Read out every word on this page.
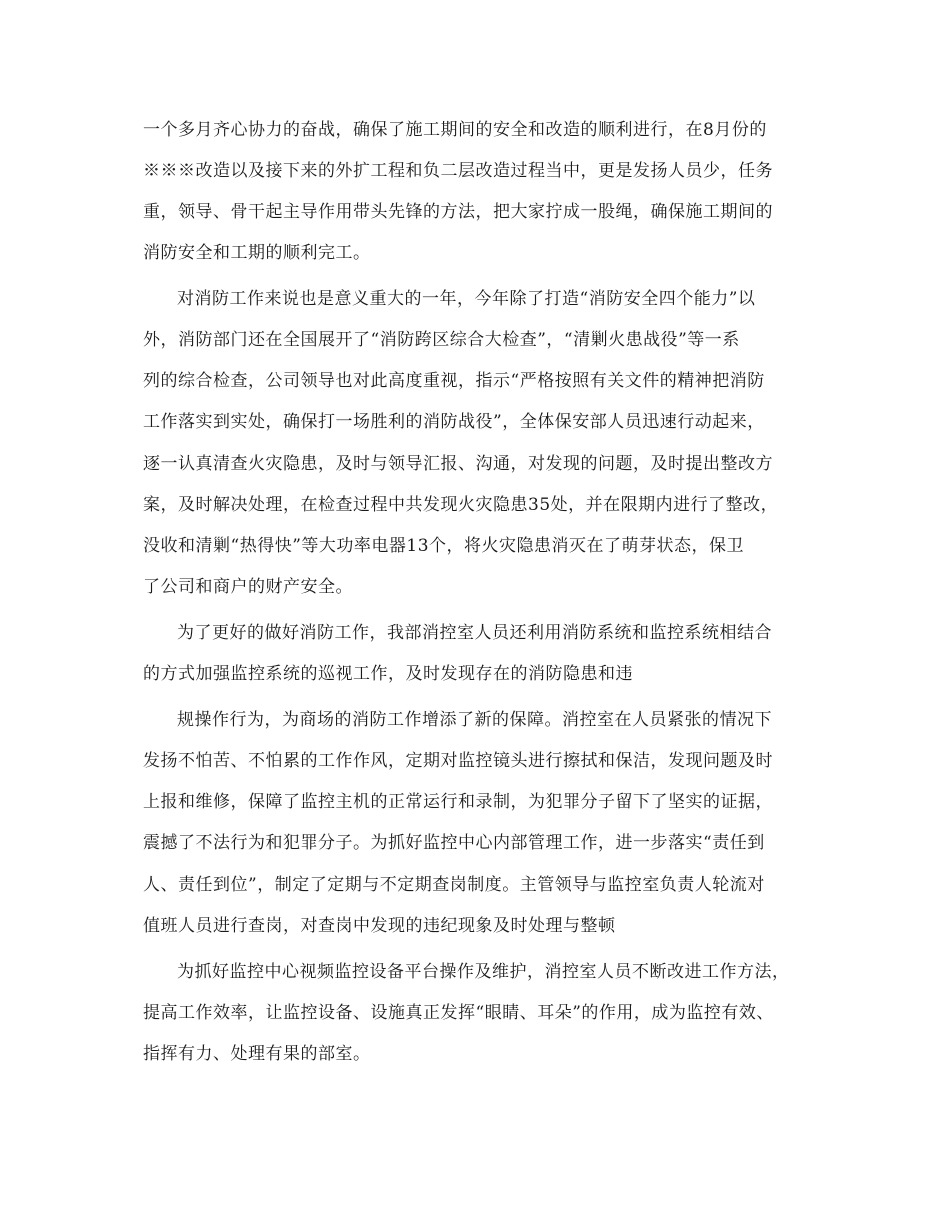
一个多月齐心协力的奋战，确保了施工期间的安全和改造的顺利进行，在8月份的
※※※改造以及接下来的外扩工程和负二层改造过程当中，更是发扬人员少，任务
重，领导、骨干起主导作用带头先锋的方法，把大家拧成一股绳，确保施工期间的
消防安全和工期的顺利完工。
对消防工作来说也是意义重大的一年，今年除了打造“消防安全四个能力”以
外，消防部门还在全国展开了“消防跨区综合大检查”，“清剿火患战役”等一系
列的综合检查，公司领导也对此高度重视，指示“严格按照有关文件的精神把消防
工作落实到实处，确保打一场胜利的消防战役”，全体保安部人员迅速行动起来，
逐一认真清查火灾隐患，及时与领导汇报、沟通，对发现的问题，及时提出整改方
案，及时解决处理，在检查过程中共发现火灾隐患35处，并在限期内进行了整改，
没收和清剿“热得快”等大功率电器13个，将火灾隐患消灭在了萌芽状态，保卫
了公司和商户的财产安全。
为了更好的做好消防工作，我部消控室人员还利用消防系统和监控系统相结合
的方式加强监控系统的巡视工作，及时发现存在的消防隐患和违
规操作行为，为商场的消防工作增添了新的保障。消控室在人员紧张的情况下
发扬不怕苦、不怕累的工作作风，定期对监控镜头进行擦拭和保洁，发现问题及时
上报和维修，保障了监控主机的正常运行和录制，为犯罪分子留下了坚实的证据，
震撼了不法行为和犯罪分子。为抓好监控中心内部管理工作，进一步落实“责任到
人、责任到位”，制定了定期与不定期查岗制度。主管领导与监控室负责人轮流对
值班人员进行查岗，对查岗中发现的违纪现象及时处理与整顿
为抓好监控中心视频监控设备平台操作及维护，消控室人员不断改进工作方法，
提高工作效率，让监控设备、设施真正发挥“眼睛、耳朵”的作用，成为监控有效、
指挥有力、处理有果的部室。
